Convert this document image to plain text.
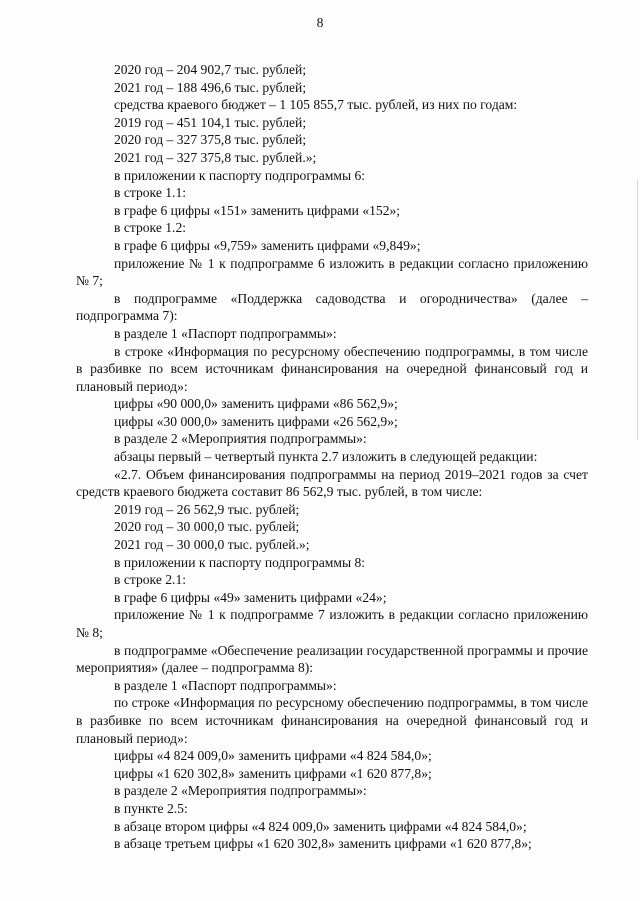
8

2020 год – 204 902,7 тыс. рублей;

2021 год – 188 496,6 тыс. рублей;

средства краевого бюджет – 1 105 855,7 тыс. рублей, из них по годам:

2019 год – 451 104,1 тыс. рублей;

2020 год – 327 375,8 тыс. рублей;

2021 год – 327 375,8 тыс. рублей.»;

в приложении к паспорту подпрограммы 6:

в строке 1.1:

в графе 6 цифры «151» заменить цифрами «152»;

в строке 1.2:

в графе 6 цифры «9,759» заменить цифрами «9,849»;

приложение № 1 к подпрограмме 6 изложить в редакции согласно приложению № 7;

в подпрограмме «Поддержка садоводства и огородничества» (далее – подпрограмма 7):

в разделе 1 «Паспорт подпрограммы»:

в строке «Информация по ресурсному обеспечению подпрограммы, в том числе в разбивке по всем источникам финансирования на очередной финансовый год и плановый период»:

цифры «90 000,0» заменить цифрами «86 562,9»;

цифры «30 000,0» заменить цифрами «26 562,9»;

в разделе 2 «Мероприятия подпрограммы»:

абзацы первый – четвертый пункта 2.7 изложить в следующей редакции:

«2.7. Объем финансирования подпрограммы на период 2019–2021 годов за счет средств краевого бюджета составит 86 562,9 тыс. рублей, в том числе:

2019 год – 26 562,9 тыс. рублей;

2020 год – 30 000,0 тыс. рублей;

2021 год – 30 000,0 тыс. рублей.»;

в приложении к паспорту подпрограммы 8:

в строке 2.1:

в графе 6 цифры «49» заменить цифрами «24»;

приложение № 1 к подпрограмме 7 изложить в редакции согласно приложению № 8;

в подпрограмме «Обеспечение реализации государственной программы и прочие мероприятия» (далее – подпрограмма 8):

в разделе 1 «Паспорт подпрограммы»:

по строке «Информация по ресурсному обеспечению подпрограммы, в том числе в разбивке по всем источникам финансирования на очередной финансовый год и плановый период»:

цифры «4 824 009,0» заменить цифрами «4 824 584,0»;

цифры «1 620 302,8» заменить цифрами «1 620 877,8»;

в разделе 2 «Мероприятия подпрограммы»:

в пункте 2.5:

в абзаце втором цифры «4 824 009,0» заменить цифрами «4 824 584,0»;

в абзаце третьем цифры «1 620 302,8» заменить цифрами «1 620 877,8»;
